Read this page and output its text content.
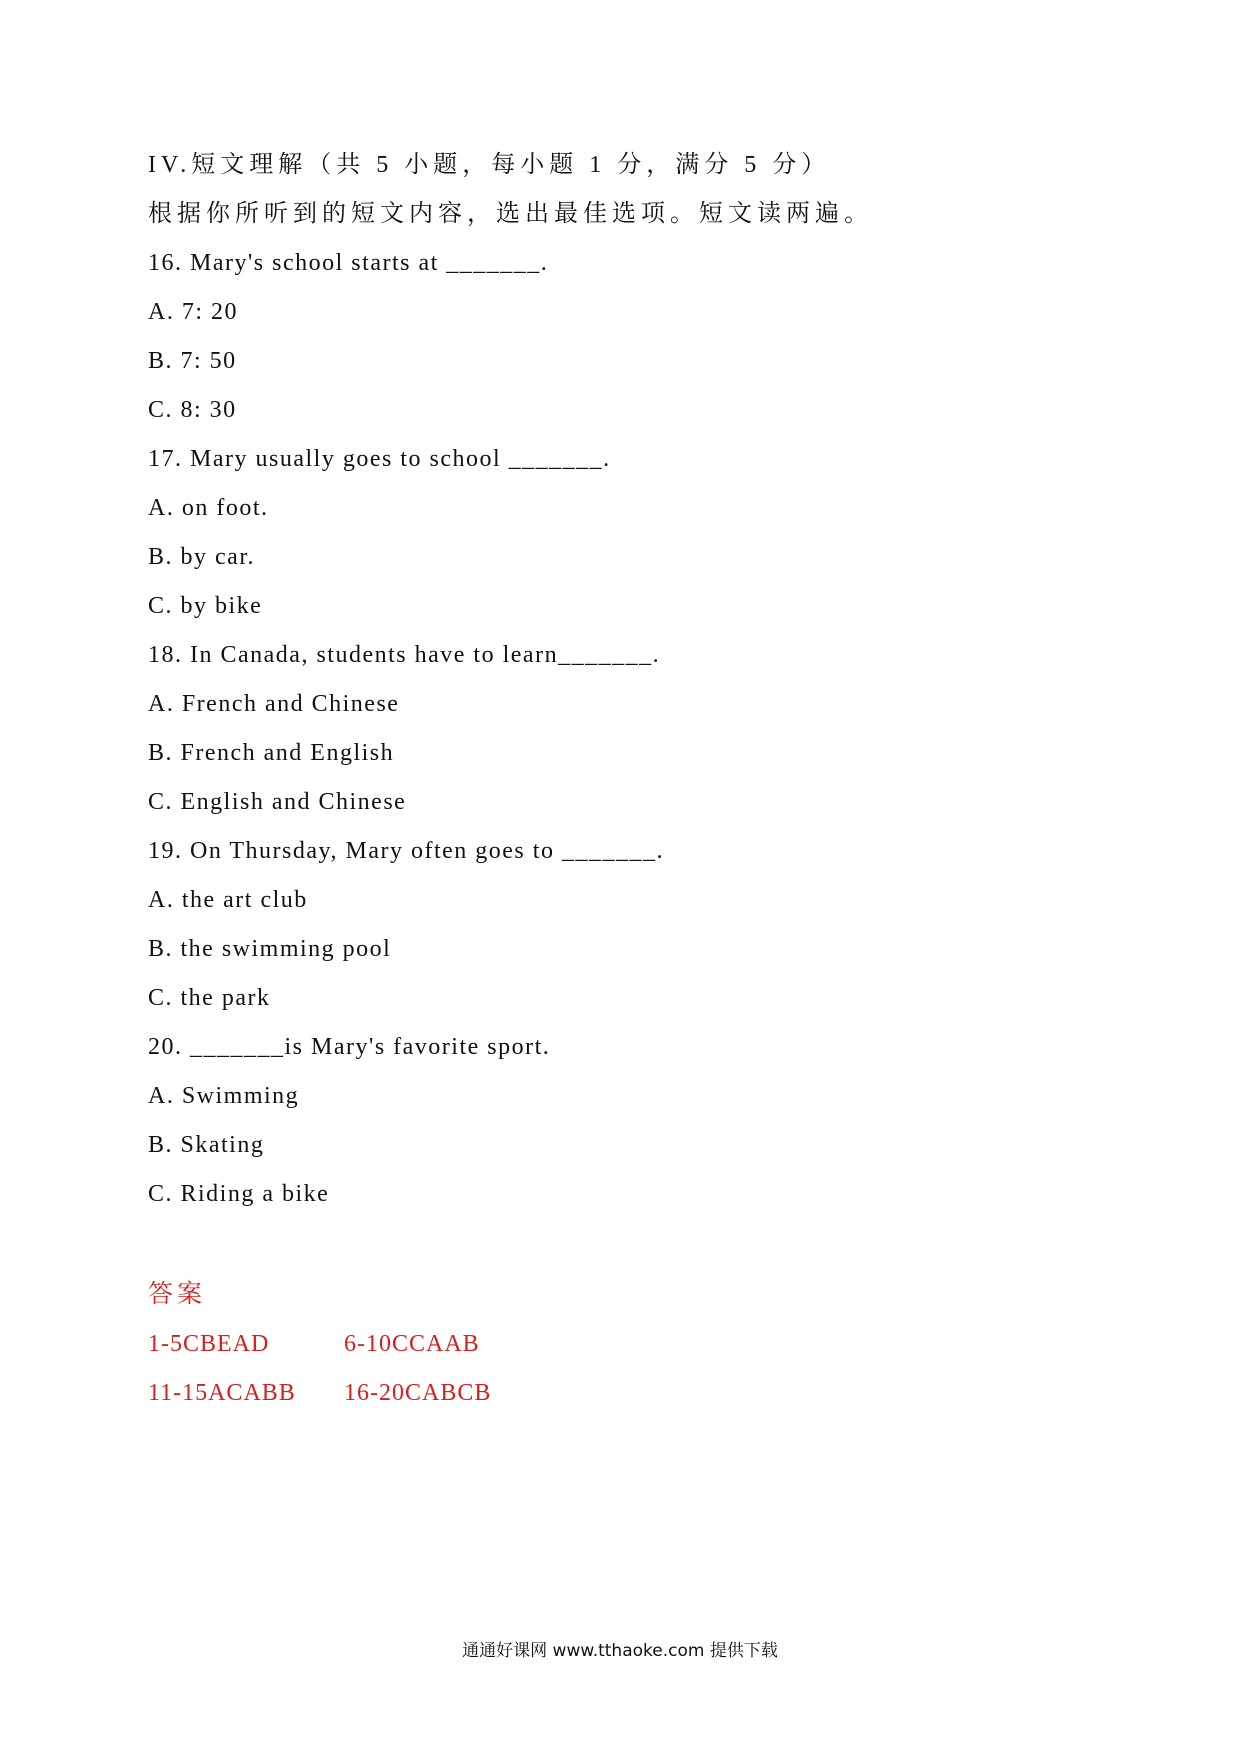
IV.短文理解（共 5 小题，每小题 1 分，满分 5 分）
根据你所听到的短文内容，选出最佳选项。短文读两遍。
16. Mary's school starts at _______.
A. 7: 20
B. 7: 50
C. 8: 30
17. Mary usually goes to school _______.
A. on foot.
B. by car.
C. by bike
18. In Canada, students have to learn_______.
A. French and Chinese
B. French and English
C. English and Chinese
19. On Thursday, Mary often goes to _______.
A. the art club
B. the swimming pool
C. the park
20. _______is Mary's favorite sport.
A. Swimming
B. Skating
C. Riding a bike
答案
1-5CBEAD	6-10CCAAB
11-15ACABB	16-20CABCB
通通好课网 www.tthaoke.com 提供下载
